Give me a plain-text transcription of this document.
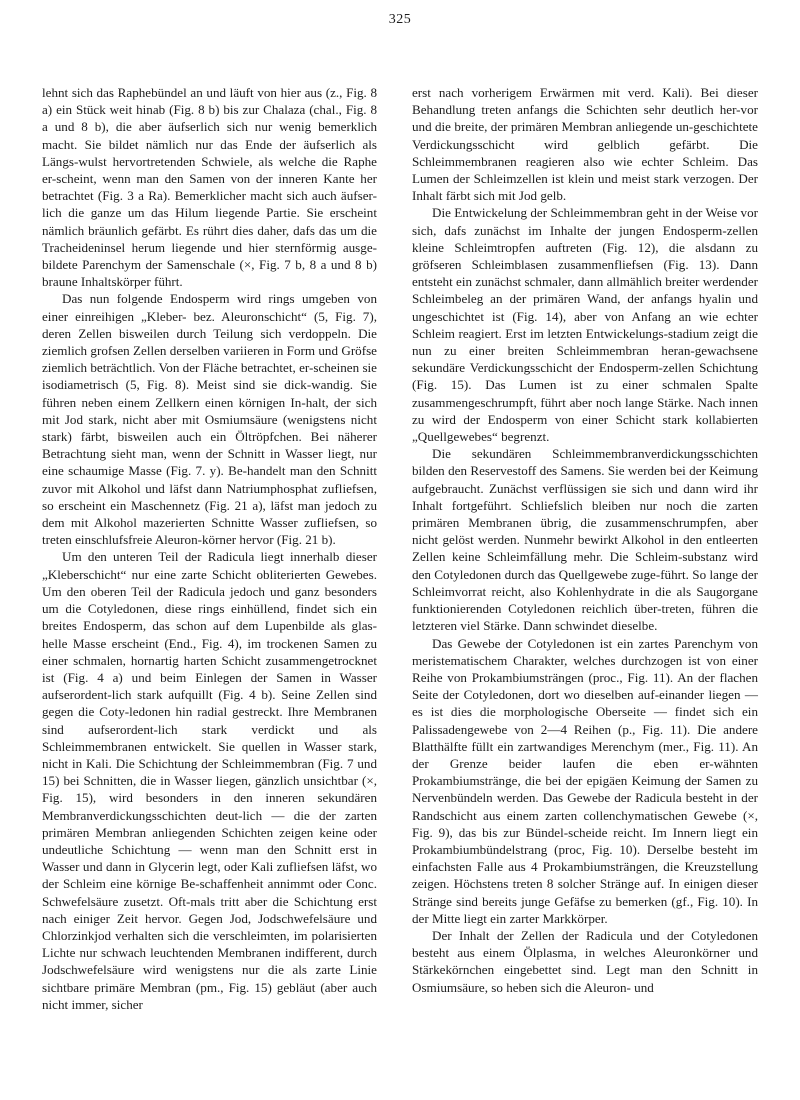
325

lehnt sich das Raphebündel an und läuft von hier aus (z., Fig. 8 a) ein Stück weit hinab (Fig. 8 b) bis zur Chalaza (chal., Fig. 8 a und 8 b), die aber äufserlich sich nur wenig bemerklich macht. Sie bildet nämlich nur das Ende der äufserlich als Längs-wulst hervortretenden Schwiele, als welche die Raphe er-scheint, wenn man den Samen von der inneren Kante her betrachtet (Fig. 3 a Ra). Bemerklicher macht sich auch äufser-lich die ganze um das Hilum liegende Partie. Sie erscheint nämlich bräunlich gefärbt. Es rührt dies daher, dafs das um die Tracheideninsel herum liegende und hier sternförmig ausge-bildete Parenchym der Samenschale (×, Fig. 7 b, 8 a und 8 b) braune Inhaltskörper führt.

Das nun folgende Endosperm wird rings umgeben von einer einreihigen „Kleber- bez. Aleuronschicht“ (5, Fig. 7), deren Zellen bisweilen durch Teilung sich verdoppeln. Die ziemlich grofsen Zellen derselben variieren in Form und Gröfse ziemlich beträchtlich. Von der Fläche betrachtet, er-scheinen sie isodiametrisch (5, Fig. 8). Meist sind sie dick-wandig. Sie führen neben einem Zellkern einen körnigen In-halt, der sich mit Jod stark, nicht aber mit Osmiumsäure (wenigstens nicht stark) färbt, bisweilen auch ein Öltröpfchen. Bei näherer Betrachtung sieht man, wenn der Schnitt in Wasser liegt, nur eine schaumige Masse (Fig. 7. y). Be-handelt man den Schnitt zuvor mit Alkohol und läfst dann Natriumphosphat zufliefsen, so erscheint ein Maschennetz (Fig. 21 a), läfst man jedoch zu dem mit Alkohol mazerierten Schnitte Wasser zufliefsen, so treten einschlufsfreie Aleuron-körner hervor (Fig. 21 b).

Um den unteren Teil der Radicula liegt innerhalb dieser „Kleberschicht“ nur eine zarte Schicht obliterierten Gewebes. Um den oberen Teil der Radicula jedoch und ganz besonders um die Cotyledonen, diese rings einhüllend, findet sich ein breites Endosperm, das schon auf dem Lupenbilde als glas-helle Masse erscheint (End., Fig. 4), im trockenen Samen zu einer schmalen, hornartig harten Schicht zusammengetrocknet ist (Fig. 4 a) und beim Einlegen der Samen in Wasser aufserordent-lich stark aufquillt (Fig. 4 b). Seine Zellen sind gegen die Coty-ledonen hin radial gestreckt. Ihre Membranen sind aufserordent-lich stark verdickt und als Schleimmembranen entwickelt. Sie quellen in Wasser stark, nicht in Kali. Die Schichtung der Schleimmembran (Fig. 7 und 15) bei Schnitten, die in Wasser liegen, gänzlich unsichtbar (×, Fig. 15), wird besonders in den inneren sekundären Membranverdickungsschichten deut-lich — die der zarten primären Membran anliegenden Schichten zeigen keine oder undeutliche Schichtung — wenn man den Schnitt erst in Wasser und dann in Glycerin legt, oder Kali zufliefsen läfst, wo der Schleim eine körnige Be-schaffenheit annimmt oder Conc. Schwefelsäure zusetzt. Oft-mals tritt aber die Schichtung erst nach einiger Zeit hervor. Gegen Jod, Jodschwefelsäure und Chlorzinkjod verhalten sich die verschleimten, im polarisierten Lichte nur schwach leuchtenden Membranen indifferent, durch Jodschwefelsäure wird wenigstens nur die als zarte Linie sichtbare primäre Membran (pm., Fig. 15) gebläut (aber auch nicht immer, sicher

erst nach vorherigem Erwärmen mit verd. Kali). Bei dieser Behandlung treten anfangs die Schichten sehr deutlich her-vor und die breite, der primären Membran anliegende un-geschichtete Verdickungsschicht wird gelblich gefärbt. Die Schleimmembranen reagieren also wie echter Schleim. Das Lumen der Schleimzellen ist klein und meist stark verzogen. Der Inhalt färbt sich mit Jod gelb.

Die Entwickelung der Schleimmembran geht in der Weise vor sich, dafs zunächst im Inhalte der jungen Endosperm-zellen kleine Schleimtropfen auftreten (Fig. 12), die alsdann zu gröfseren Schleimblasen zusammenfliefsen (Fig. 13). Dann entsteht ein zunächst schmaler, dann allmählich breiter werdender Schleimbeleg an der primären Wand, der anfangs hyalin und ungeschichtet ist (Fig. 14), aber von Anfang an wie echter Schleim reagiert. Erst im letzten Entwickelungs-stadium zeigt die nun zu einer breiten Schleimmembran heran-gewachsene sekundäre Verdickungsschicht der Endosperm-zellen Schichtung (Fig. 15). Das Lumen ist zu einer schmalen Spalte zusammengeschrumpft, führt aber noch lange Stärke. Nach innen zu wird der Endosperm von einer Schicht stark kollabierten „Quellgewebes“ begrenzt.

Die sekundären Schleimmembranverdickungsschichten bilden den Reservestoff des Samens. Sie werden bei der Keimung aufgebraucht. Zunächst verflüssigen sie sich und dann wird ihr Inhalt fortgeführt. Schliefslich bleiben nur noch die zarten primären Membranen übrig, die zusammenschrumpfen, aber nicht gelöst werden. Nunmehr bewirkt Alkohol in den entleerten Zellen keine Schleimfällung mehr. Die Schleim-substanz wird den Cotyledonen durch das Quellgewebe zuge-führt. So lange der Schleimvorrat reicht, also Kohlenhydrate in die als Saugorgane funktionierenden Cotyledonen reichlich über-treten, führen die letzteren viel Stärke. Dann schwindet dieselbe.

Das Gewebe der Cotyledonen ist ein zartes Parenchym von meristematischem Charakter, welches durchzogen ist von einer Reihe von Prokambiumsträngen (proc., Fig. 11). An der flachen Seite der Cotyledonen, dort wo dieselben auf-einander liegen — es ist dies die morphologische Oberseite — findet sich ein Palissadengewebe von 2—4 Reihen (p., Fig. 11). Die andere Blatthälfte füllt ein zartwandiges Merenchym (mer., Fig. 11). An der Grenze beider laufen die eben er-wähnten Prokambiumstränge, die bei der epigäen Keimung der Samen zu Nervenbündeln werden. Das Gewebe der Radicula besteht in der Randschicht aus einem zarten collenchymatischen Gewebe (×, Fig. 9), das bis zur Bündel-scheide reicht. Im Innern liegt ein Prokambiumbündelstrang (proc, Fig. 10). Derselbe besteht im einfachsten Falle aus 4 Prokambiumsträngen, die Kreuzstellung zeigen. Höchstens treten 8 solcher Stränge auf. In einigen dieser Stränge sind bereits junge Gefäfse zu bemerken (gf., Fig. 10). In der Mitte liegt ein zarter Markkörper.

Der Inhalt der Zellen der Radicula und der Cotyledonen besteht aus einem Ölplasma, in welches Aleuronkörner und Stärkekörnchen eingebettet sind. Legt man den Schnitt in Osmiumsäure, so heben sich die Aleuron- und
